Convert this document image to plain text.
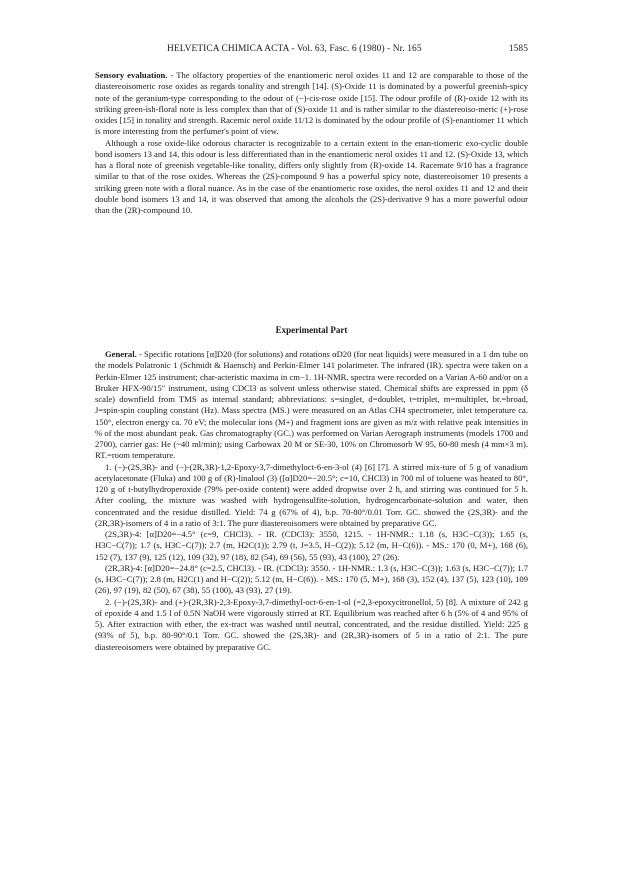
HELVETICA CHIMICA ACTA - Vol. 63, Fasc. 6 (1980) - Nr. 165	1585

Sensory evaluation. - The olfactory properties of the enantiomeric nerol oxides 11 and 12 are comparable to those of the diastereoisomeric rose oxides as regards tonality and strength [14]. (S)-Oxide 11 is dominated by a powerful greenish-spicy note of the geranium-type corresponding to the odour of (−)-cis-rose oxide [15]. The odour profile of (R)-oxide 12 with its striking green-ish-floral note is less complex than that of (S)-oxide 11 and is rather similar to the diastereoiso-meric (+)-rose oxides [15] in tonality and strength. Racemic nerol oxide 11/12 is dominated by the odour profile of (S)-enantiomer 11 which is more interesting from the perfumer's point of view.

Although a rose oxide-like odorous character is recognizable to a certain extent in the enan-tiomeric exo-cyclic double bond isomers 13 and 14, this odour is less differentiated than in the enantiomeric nerol oxides 11 and 12. (S)-Oxide 13, which has a floral note of greenish vegetable-like tonality, differs only slightly from (R)-oxide 14. Racemate 9/10 has a fragrance similar to that of the rose oxides. Whereas the (2S)-compound 9 has a powerful spicy note, diastereoisomer 10 presents a striking green note with a floral nuance. As in the case of the enantiomeric rose oxides, the nerol oxides 11 and 12 and their double bond isomers 13 and 14, it was observed that among the alcohols the (2S)-derivative 9 has a more powerful odour than the (2R)-compound 10.

Experimental Part

General. - Specific rotations [α]D20 (for solutions) and rotations αD20 (for neat liquids) were measured in a 1 dm tube on the models Polatronic 1 (Schmidt & Haensch) and Perkin-Elmer 141 polarimeter. The infrared (IR). spectra were taken on a Perkin-Elmer 125 instrument; char-acteristic maxima in cm−1. 1H-NMR. spectra were recorded on a Varian A-60 and/or on a Bruker HFX-90/15" instrument, using CDCl3 as solvent unless otherwise stated. Chemical shifts are expressed in ppm (δ scale) downfield from TMS as internal standard; abbreviations: s=singlet, d=doublet, t=triplet, m=multiplet, br.=broad, J=spin-spin coupling constant (Hz). Mass spectra (MS.) were measured on an Atlas CH4 spectrometer, inlet temperature ca. 150°, electron energy ca. 70 eV; the molecular ions (M+) and fragment ions are given as m/z with relative peak intensities in % of the most abundant peak. Gas chromatography (GC.) was performed on Varian Aerograph instruments (models 1700 and 2700), carrier gas: He (~40 ml/min); using Carbowax 20 M or SE-30, 10% on Chromosorb W 95, 60-80 mesh (4 mm×3 m). RT.=room temperature.

1. (−)-(2S,3R)- and (−)-(2R,3R)-1,2-Epoxy-3,7-dimethyloct-6-en-3-ol (4) [6] [7]. A stirred mix-ture of 5 g of vanadium acetylacetonate (Fluka) and 100 g of (R)-linalool (3) ([α]D20=−20.5°; c=10, CHCl3) in 700 ml of toluene was heated to 80°, 120 g of t-butylhydroperoxide (79% per-oxide content) were added dropwise over 2 h, and stirring was continued for 5 h. After cooling, the mixture was washed with hydrogensulfite-solution, hydrogencarbonate-solution and water, then concentrated and the residue distilled. Yield: 74 g (67% of 4), b.p. 70-80°/0.01 Torr. GC. showed the (2S,3R)- and the (2R,3R)-isomers of 4 in a ratio of 3:1. The pure diastereoisomers were obtained by preparative GC.

(2S,3R)-4: [α]D20=−4.5° (c=9, CHCl3). - IR. (CDCl3): 3550, 1215. - 1H-NMR.: 1.18 (s, H3C−C(3)); 1.65 (s, H3C−C(7)); 1.7 (s, H3C−C(7)); 2.7 (m, H2C(1)); 2.79 (t, J=3.5, H−C(2)); 5.12 (m, H−C(6)). - MS.: 170 (0, M+), 168 (6), 152 (7), 137 (9), 125 (12), 109 (32), 97 (18), 82 (54), 69 (56), 55 (93), 43 (100), 27 (26).

(2R,3R)-4: [α]D20=−24.8° (c=2.5, CHCl3). - IR. (CDCl3): 3550. - 1H-NMR.: 1.3 (s, H3C−C(3)); 1.63 (s, H3C−C(7)); 1.7 (s, H3C−C(7)); 2.8 (m, H2C(1) and H−C(2)); 5.12 (m, H−C(6)). - MS.: 170 (5, M+), 168 (3), 152 (4), 137 (5), 123 (10), 109 (26), 97 (19), 82 (50), 67 (38), 55 (100), 43 (93), 27 (19).

2. (−)-(2S,3R)- and (+)-(2R,3R)-2,3-Epoxy-3,7-dimethyl-oct-6-en-1-ol (=2,3-epoxycitronellol, 5) [8]. A mixture of 242 g of epoxide 4 and 1.5 l of 0.5N NaOH were vigorously stirred at RT. Equilibrium was reached after 6 h (5% of 4 and 95% of 5). After extraction with ether, the ex-tract was washed until neutral, concentrated, and the residue distilled. Yield: 225 g (93% of 5), b.p. 80-90°/0.1 Torr. GC. showed the (2S,3R)- and (2R,3R)-isomers of 5 in a ratio of 2:1. The pure diastereoisomers were obtained by preparative GC.
